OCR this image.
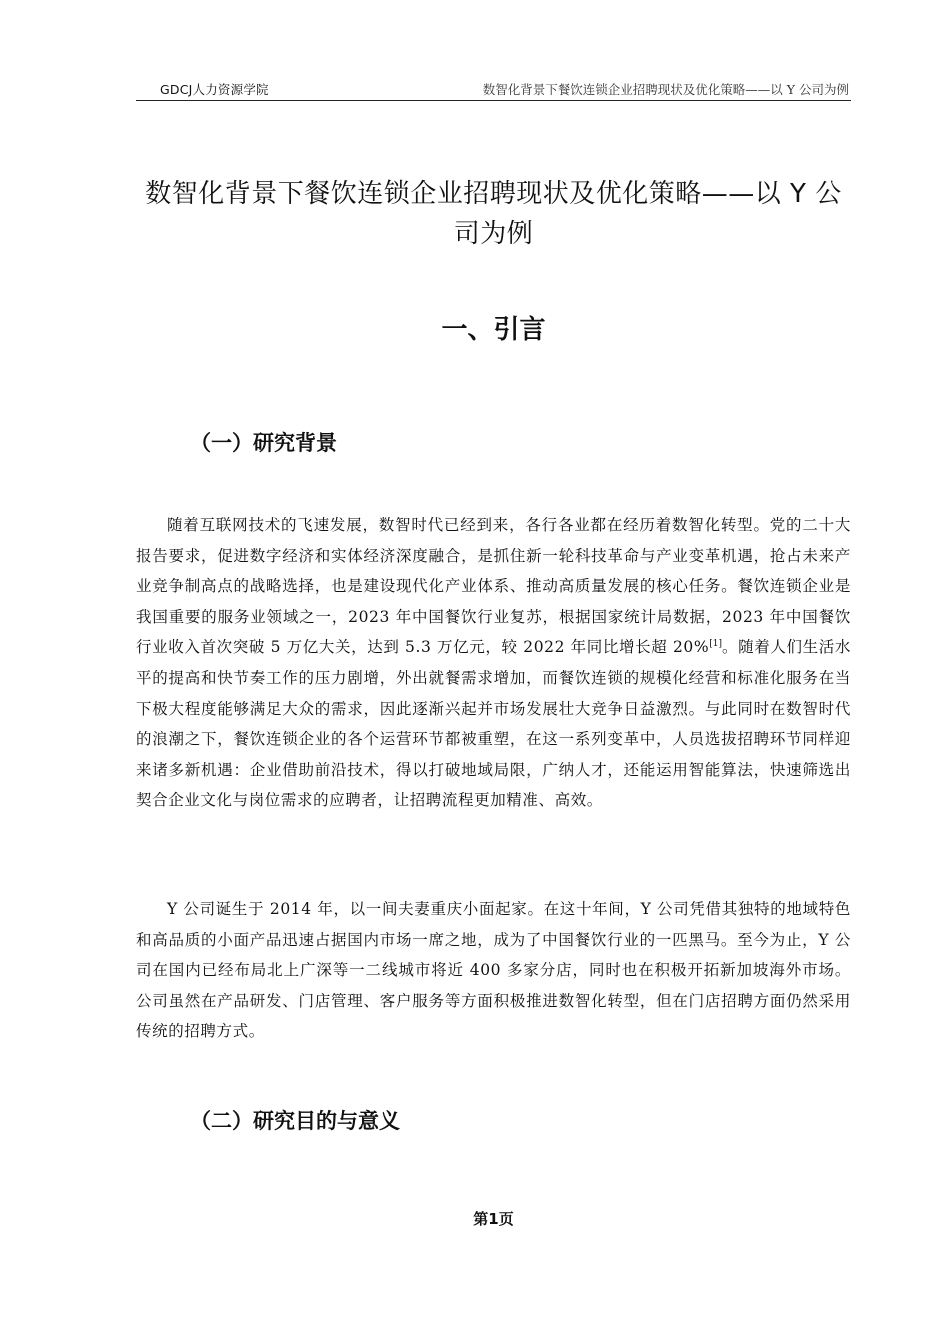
GDCJ人力资源学院	数智化背景下餐饮连锁企业招聘现状及优化策略——以 Y 公司为例
数智化背景下餐饮连锁企业招聘现状及优化策略——以 Y 公司为例
一、引言
（一）研究背景

随着互联网技术的飞速发展，数智时代已经到来，各行各业都在经历着数智化转型。党的二十大报告要求，促进数字经济和实体经济深度融合，是抓住新一轮科技革命与产业变革机遇，抢占未来产业竞争制高点的战略选择，也是建设现代化产业体系、推动高质量发展的核心任务。餐饮连锁企业是我国重要的服务业领域之一，2023 年中国餐饮行业复苏，根据国家统计局数据，2023 年中国餐饮行业收入首次突破 5 万亿大关，达到 5.3 万亿元，较 2022 年同比增长超 20%[1]。随着人们生活水平的提高和快节奏工作的压力剧增，外出就餐需求增加，而餐饮连锁的规模化经营和标准化服务在当下极大程度能够满足大众的需求，因此逐渐兴起并市场发展壮大竞争日益激烈。与此同时在数智时代的浪潮之下，餐饮连锁企业的各个运营环节都被重塑，在这一系列变革中，人员选拔招聘环节同样迎来诸多新机遇：企业借助前沿技术，得以打破地域局限，广纳人才，还能运用智能算法，快速筛选出契合企业文化与岗位需求的应聘者，让招聘流程更加精准、高效。

Y 公司诞生于 2014 年，以一间夫妻重庆小面起家。在这十年间，Y 公司凭借其独特的地域特色和高品质的小面产品迅速占据国内市场一席之地，成为了中国餐饮行业的一匹黑马。至今为止，Y 公司在国内已经布局北上广深等一二线城市将近 400 多家分店，同时也在积极开拓新加坡海外市场。公司虽然在产品研发、门店管理、客户服务等方面积极推进数智化转型，但在门店招聘方面仍然采用传统的招聘方式。

（二）研究目的与意义
第1页
